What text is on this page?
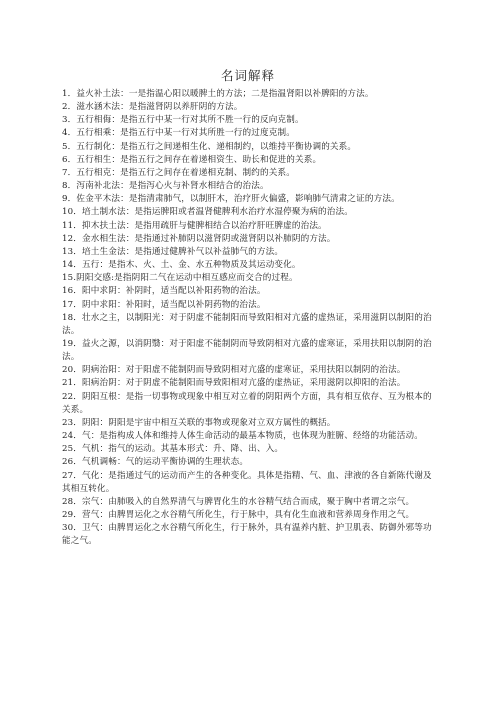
名词解释

1．益火补土法：一是指温心阳以暖脾土的方法；二是指温肾阳以补脾阳的方法。

2．滋水涵木法：是指滋肾阴以养肝阴的方法。

3．五行相侮：是指五行中某一行对其所不胜一行的反向克制。

4．五行相乘：是指五行中某一行对其所胜一行的过度克制。

5．五行制化：是指五行之间递相生化、递相制约，以维持平衡协调的关系。

6．五行相生：是指五行之间存在着递相资生、助长和促进的关系。

7．五行相克：是指五行之间存在着递相克制、制约的关系。

8．泻南补北法：是指泻心火与补肾水相结合的治法。

9．佐金平木法：是指清肃肺气，以制肝木，治疗肝火偏盛，影响肺气清肃之证的方法。

10．培土制水法：是指运脾阳或者温肾健脾利水治疗水湿停聚为病的治法。

11．抑木扶土法：是指用疏肝与健脾相结合以治疗肝旺脾虚的治法。

12．金水相生法：是指通过补肺阴以滋肾阴或滋肾阴以补肺阴的方法。

13．培土生金法：是指通过健脾补气以补益肺气的方法。

14．五行：是指木、火、土、金、水五种物质及其运动变化。

15.阴阳交感:是指阴阳二气在运动中相互感应而交合的过程。

16．阳中求阴：补阴时，适当配以补阳药物的治法。

17．阴中求阳：补阳时，适当配以补阴药物的治法。

18．壮水之主，以制阳光：对于阴虚不能制阳而导致阳相对亢盛的虚热证，采用滋阴以制阳的治法。

19．益火之源，以消阴翳：对于阳虚不能制阴而导致阴相对亢盛的虚寒证，采用扶阳以制阴的治法。

20．阴病治阳：对于阳虚不能制阴而导致阴相对亢盛的虚寒证，采用扶阳以制阴的治法。

21．阳病治阴：对于阴虚不能制阳而导致阳相对亢盛的虚热证，采用滋阴以抑阳的治法。

22．阴阳互根：是指一切事物或现象中相互对立着的阴阳两个方面，具有相互依存、互为根本的关系。

23．阴阳：阴阳是宇宙中相互关联的事物或现象对立双方属性的概括。

24．气：是指构成人体和维持人体生命活动的最基本物质，也体现为脏腑、经络的功能活动。

25．气机：指气的运动。其基本形式：升、降、出、入。

26．气机调畅：气的运动平衡协调的生理状态。

27．气化：是指通过气的运动而产生的各种变化。具体是指精、气、血、津液的各自新陈代谢及其相互转化。

28．宗气：由肺吸入的自然界清气与脾胃化生的水谷精气结合而成，聚于胸中者谓之宗气。

29．营气：由脾胃运化之水谷精气所化生，行于脉中，具有化生血液和营养周身作用之气。

30．卫气：由脾胃运化之水谷精气所化生，行于脉外，具有温养内脏、护卫肌表、防御外邪等功能之气。
